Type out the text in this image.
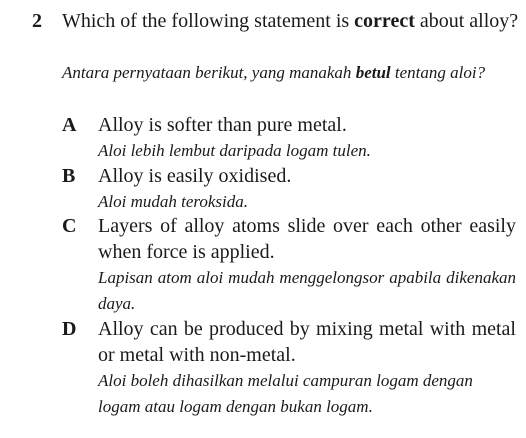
2 Which of the following statement is correct about alloy?
Antara pernyataan berikut, yang manakah betul tentang aloi?
A Alloy is softer than pure metal.
Aloi lebih lembut daripada logam tulen.
B Alloy is easily oxidised.
Aloi mudah teroksida.
C Layers of alloy atoms slide over each other easily when force is applied.
Lapisan atom aloi mudah menggelongsor apabila dikenakan daya.
D Alloy can be produced by mixing metal with metal or metal with non-metal.
Aloi boleh dihasilkan melalui campuran logam dengan logam atau logam dengan bukan logam.
